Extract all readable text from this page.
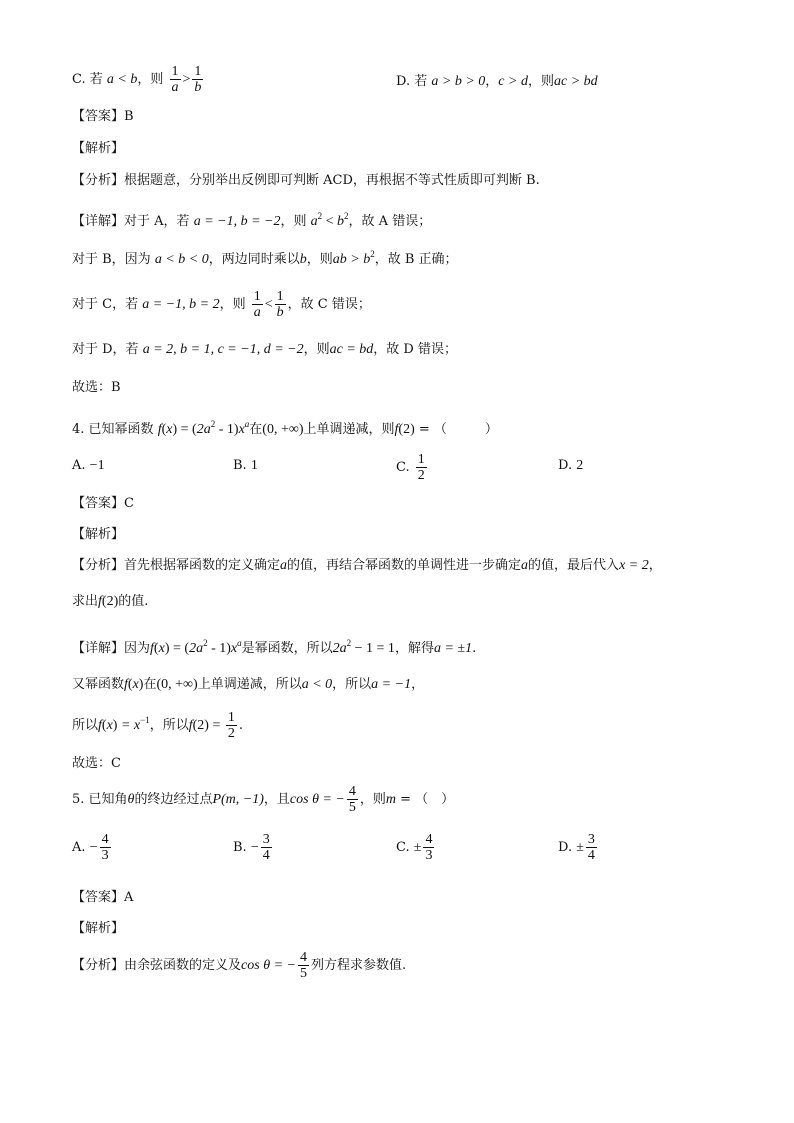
C. 若 a < b，则 $\frac{1}{a} > \frac{1}{b}$	D. 若 a > b > 0，c > d，则ac > bd
【答案】B
【解析】
【分析】根据题意，分别举出反例即可判断 ACD，再根据不等式性质即可判断 B.
【详解】对于 A，若 a = −1, b = −2，则 $a^2 < b^2$，故 A 错误；
对于 B，因为 a < b < 0，两边同时乘以b，则ab > $b^2$，故 B 正确；
对于 C，若 a = −1, b = 2，则 $\frac{1}{a} < \frac{1}{b}$ ，故 C 错误；
对于 D，若 a = 2, b = 1, c = −1, d = −2，则ac = bd，故 D 错误；
故选：B
4. 已知幂函数 $f(x) = (2a^2 - 1)x^a$在(0, +∞)上单调递减，则f(2) = （	）
A. −1	B. 1	C. $\frac{1}{2}$	D. 2
【答案】C
【解析】
【分析】首先根据幂函数的定义确定a的值，再结合幂函数的单调性进一步确定a的值，最后代入x = 2，
求出f(2)的值.
【详解】因为$f(x) = (2a^2 - 1)x^a$是幂函数，所以$2a^2 - 1 = 1$，解得a = ±1.
又幂函数f(x)在(0, +∞)上单调递减，所以a < 0，所以a = −1，
所以$f(x) = x^{-1}$，所以$f(2) = \frac{1}{2}$ .
故选：C
5. 已知角θ的终边经过点P(m, −1)，且cos θ = − $\frac{4}{5}$ ，则m = （　）
A. − $\frac{4}{3}$	B. − $\frac{3}{4}$	C. ± $\frac{4}{3}$	D. ± $\frac{3}{4}$
【答案】A
【解析】
【分析】由余弦函数的定义及cos θ = − $\frac{4}{5}$ 列方程求参数值.
